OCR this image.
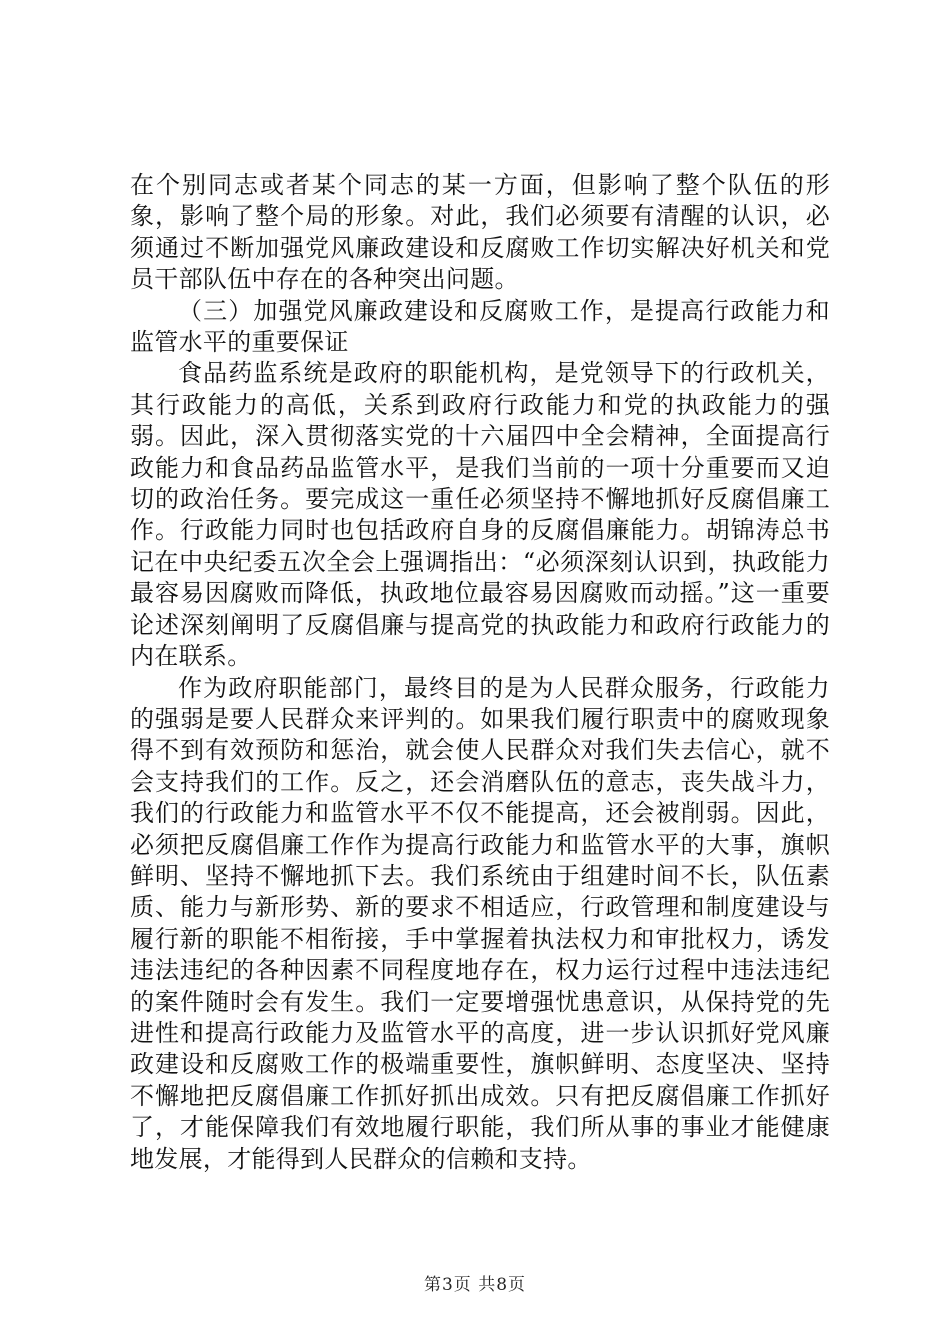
在个别同志或者某个同志的某一方面，但影响了整个队伍的形象，影响了整个局的形象。对此，我们必须要有清醒的认识，必须通过不断加强党风廉政建设和反腐败工作切实解决好机关和党员干部队伍中存在的各种突出问题。

（三）加强党风廉政建设和反腐败工作，是提高行政能力和监管水平的重要保证

食品药监系统是政府的职能机构，是党领导下的行政机关，其行政能力的高低，关系到政府行政能力和党的执政能力的强弱。因此，深入贯彻落实党的十六届四中全会精神，全面提高行政能力和食品药品监管水平，是我们当前的一项十分重要而又迫切的政治任务。要完成这一重任必须坚持不懈地抓好反腐倡廉工作。行政能力同时也包括政府自身的反腐倡廉能力。胡锦涛总书记在中央纪委五次全会上强调指出：“必须深刻认识到，执政能力最容易因腐败而降低，执政地位最容易因腐败而动摇。”这一重要论述深刻阐明了反腐倡廉与提高党的执政能力和政府行政能力的内在联系。

作为政府职能部门，最终目的是为人民群众服务，行政能力的强弱是要人民群众来评判的。如果我们履行职责中的腐败现象得不到有效预防和惩治，就会使人民群众对我们失去信心，就不会支持我们的工作。反之，还会消磨队伍的意志，丧失战斗力，我们的行政能力和监管水平不仅不能提高，还会被削弱。因此，必须把反腐倡廉工作作为提高行政能力和监管水平的大事，旗帜鲜明、坚持不懈地抓下去。我们系统由于组建时间不长，队伍素质、能力与新形势、新的要求不相适应，行政管理和制度建设与履行新的职能不相衔接，手中掌握着执法权力和审批权力，诱发违法违纪的各种因素不同程度地存在，权力运行过程中违法违纪的案件随时会有发生。我们一定要增强忧患意识，从保持党的先进性和提高行政能力及监管水平的高度，进一步认识抓好党风廉政建设和反腐败工作的极端重要性，旗帜鲜明、态度坚决、坚持不懈地把反腐倡廉工作抓好抓出成效。只有把反腐倡廉工作抓好了，才能保障我们有效地履行职能，我们所从事的事业才能健康地发展，才能得到人民群众的信赖和支持。

第3页 共8页
